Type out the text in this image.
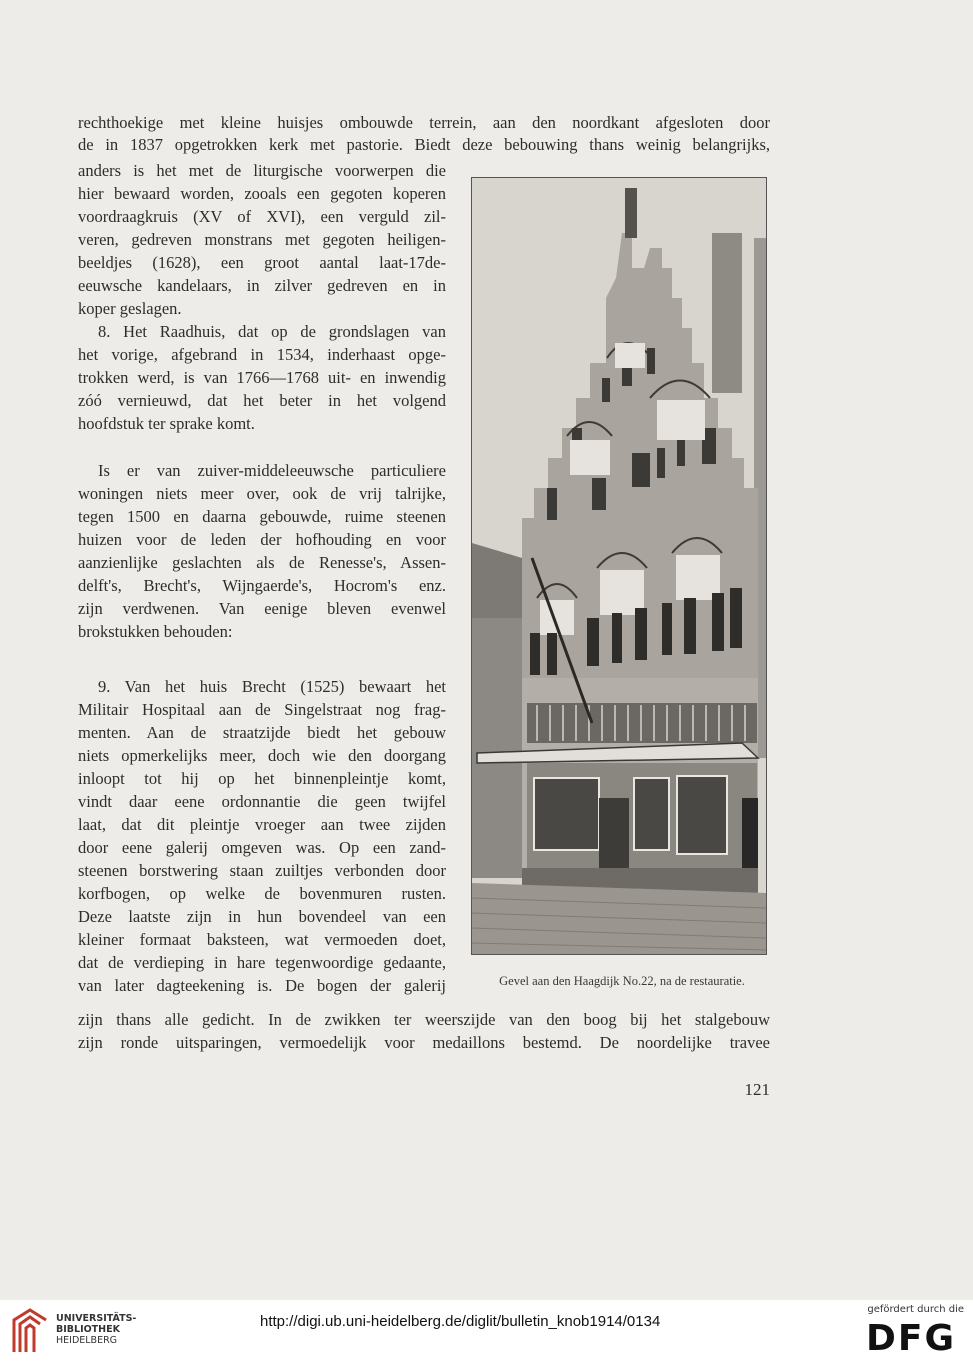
rechthoekige met kleine huisjes ombouwde terrein, aan den noordkant afgesloten door
de in 1837 opgetrokken kerk met pastorie. Biedt deze bebouwing thans weinig belangrijks,
anders is het met de liturgische voorwerpen die
hier bewaard worden, zooals een gegoten koperen
voordraagkruis (XV of XVI), een verguld zil-
veren, gedreven monstrans met gegoten heiligen-
beeldjes (1628), een groot aantal laat-17de-
eeuwsche kandelaars, in zilver gedreven en in
koper geslagen.
8. Het Raadhuis, dat op de grondslagen van
het vorige, afgebrand in 1534, inderhaast opge-
trokken werd, is van 1766—1768 uit- en inwendig
zóó vernieuwd, dat het beter in het volgend
hoofdstuk ter sprake komt.
Is er van zuiver-middeleeuwsche particuliere
woningen niets meer over, ook de vrij talrijke,
tegen 1500 en daarna gebouwde, ruime steenen
huizen voor de leden der hofhouding en voor
aanzienlijke geslachten als de Renesse's, Assen-
delft's, Brecht's, Wijngaerde's, Hocrom's enz.
zijn verdwenen. Van eenige bleven evenwel
brokstukken behouden:
9. Van het huis Brecht (1525) bewaart het
Militair Hospitaal aan de Singelstraat nog frag-
menten. Aan de straatzijde biedt het gebouw
niets opmerkelijks meer, doch wie den doorgang
inloopt tot hij op het binnenpleintje komt,
vindt daar eene ordonnantie die geen twijfel
laat, dat dit pleintje vroeger aan twee zijden
door eene galerij omgeven was. Op een zand-
steenen borstwering staan zuiltjes verbonden door
korfbogen, op welke de bovenmuren rusten.
Deze laatste zijn in hun bovendeel van een
kleiner formaat baksteen, wat vermoeden doet,
dat de verdieping in hare tegenwoordige gedaante,
van later dagteekening is. De bogen der galerij
zijn thans alle gedicht. In de zwikken ter weerszijde van den boog bij het stalgebouw
zijn ronde uitsparingen, vermoedelijk voor medaillons bestemd. De noordelijke travee
Gevel aan den Haagdijk No.22, na de restauratie.
121
UNIVERSITÄTS-
BIBLIOTHEK
HEIDELBERG
http://digi.ub.uni-heidelberg.de/diglit/bulletin_knob1914/0134
gefördert durch die
DFG
